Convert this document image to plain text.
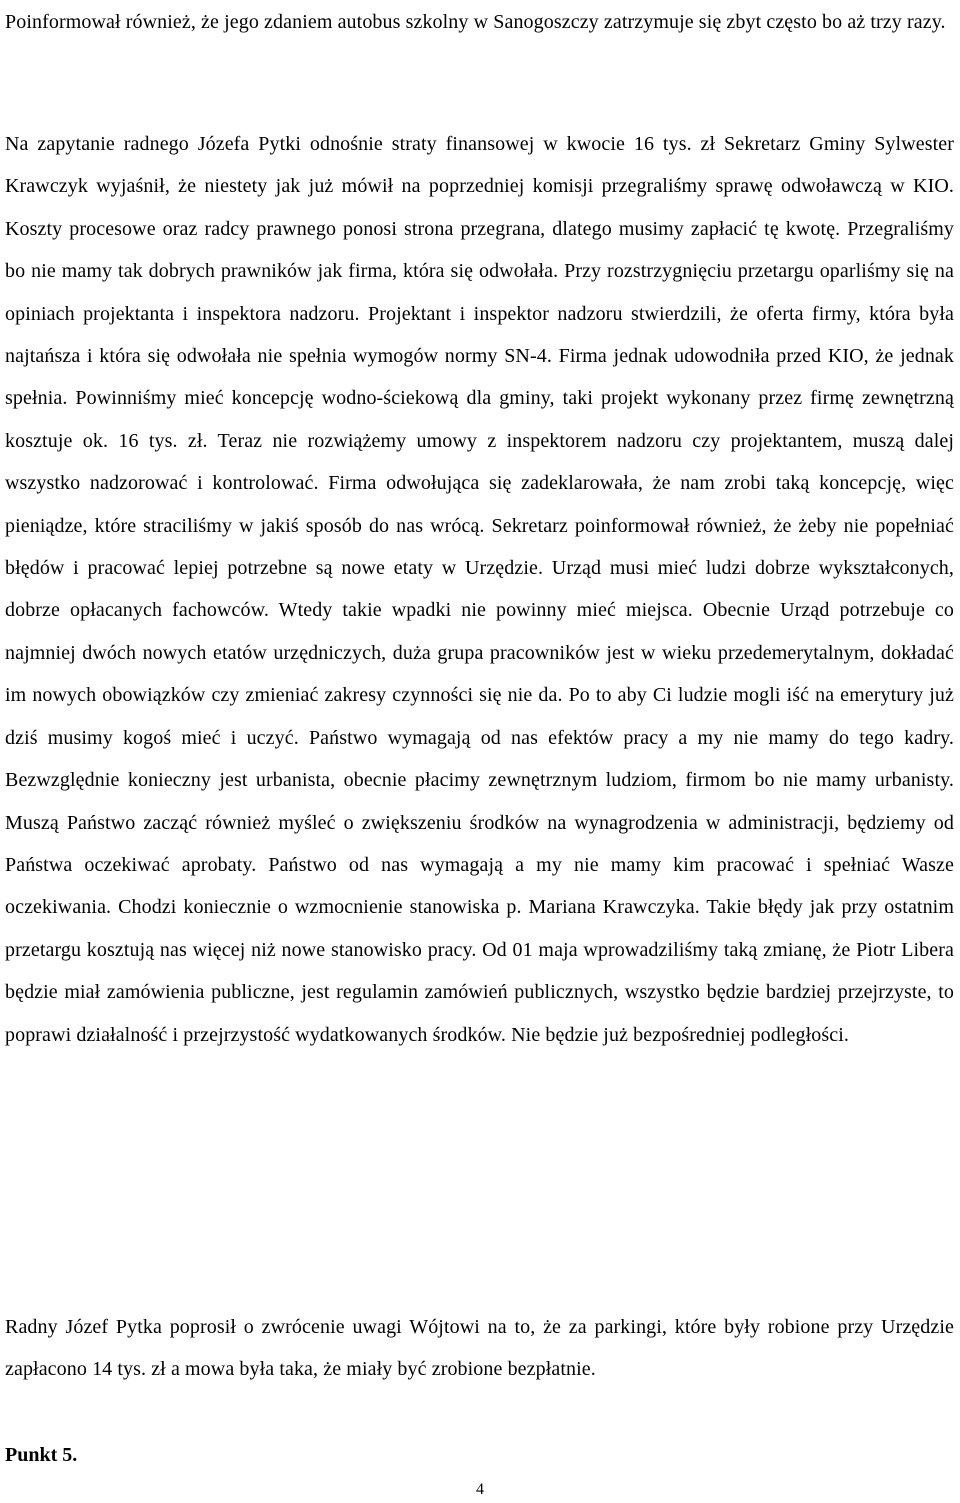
Poinformował również, że jego zdaniem autobus szkolny w Sanogoszczy zatrzymuje się zbyt często bo aż trzy razy.

Na zapytanie radnego Józefa Pytki odnośnie straty finansowej w kwocie 16 tys. zł Sekretarz Gminy Sylwester Krawczyk wyjaśnił, że niestety jak już mówił na poprzedniej komisji przegraliśmy sprawę odwoławczą w KIO. Koszty procesowe oraz radcy prawnego ponosi strona przegrana, dlatego musimy zapłacić tę kwotę. Przegraliśmy bo nie mamy tak dobrych prawników jak firma, która się odwołała. Przy rozstrzygnięciu przetargu oparliśmy się na opiniach projektanta i inspektora nadzoru. Projektant i inspektor nadzoru stwierdzili, że oferta firmy, która była najtańsza i która się odwołała nie spełnia wymogów normy SN-4. Firma jednak udowodniła przed KIO, że jednak spełnia. Powinniśmy mieć koncepcję wodno-ściekową dla gminy, taki projekt wykonany przez firmę zewnętrzną kosztuje ok. 16 tys. zł. Teraz nie rozwiążemy umowy z inspektorem nadzoru czy projektantem, muszą dalej wszystko nadzorować i kontrolować. Firma odwołująca się zadeklarowała, że nam zrobi taką koncepcję, więc pieniądze, które straciliśmy w jakiś sposób do nas wrócą. Sekretarz poinformował również, że żeby nie popełniać błędów i pracować lepiej potrzebne są nowe etaty w Urzędzie. Urząd musi mieć ludzi dobrze wykształconych, dobrze opłacanych fachowców. Wtedy takie wpadki nie powinny mieć miejsca. Obecnie Urząd potrzebuje co najmniej dwóch nowych etatów urzędniczych, duża grupa pracowników jest w wieku przedemerytalnym, dokładać im nowych obowiązków czy zmieniać zakresy czynności się nie da. Po to aby Ci ludzie mogli iść na emerytury już dziś musimy kogoś mieć i uczyć. Państwo wymagają od nas efektów pracy a my nie mamy do tego kadry. Bezwzględnie konieczny jest urbanista, obecnie płacimy zewnętrznym ludziom, firmom bo nie mamy urbanisty. Muszą Państwo zacząć również myśleć o zwiększeniu środków na wynagrodzenia w administracji, będziemy od Państwa oczekiwać aprobaty. Państwo od nas wymagają a my nie mamy kim pracować i spełniać Wasze oczekiwania. Chodzi koniecznie o wzmocnienie stanowiska p. Mariana Krawczyka. Takie błędy jak przy ostatnim przetargu kosztują nas więcej niż nowe stanowisko pracy. Od 01 maja wprowadziliśmy taką zmianę, że Piotr Libera będzie miał zamówienia publiczne, jest regulamin zamówień publicznych, wszystko będzie bardziej przejrzyste, to poprawi działalność i przejrzystość wydatkowanych środków. Nie będzie już bezpośredniej podległości.

Radny Józef Pytka poprosił o zwrócenie uwagi Wójtowi na to, że za parkingi, które były robione przy Urzędzie zapłacono 14 tys. zł a mowa była taka, że miały być zrobione bezpłatnie.

Punkt 5.
4
